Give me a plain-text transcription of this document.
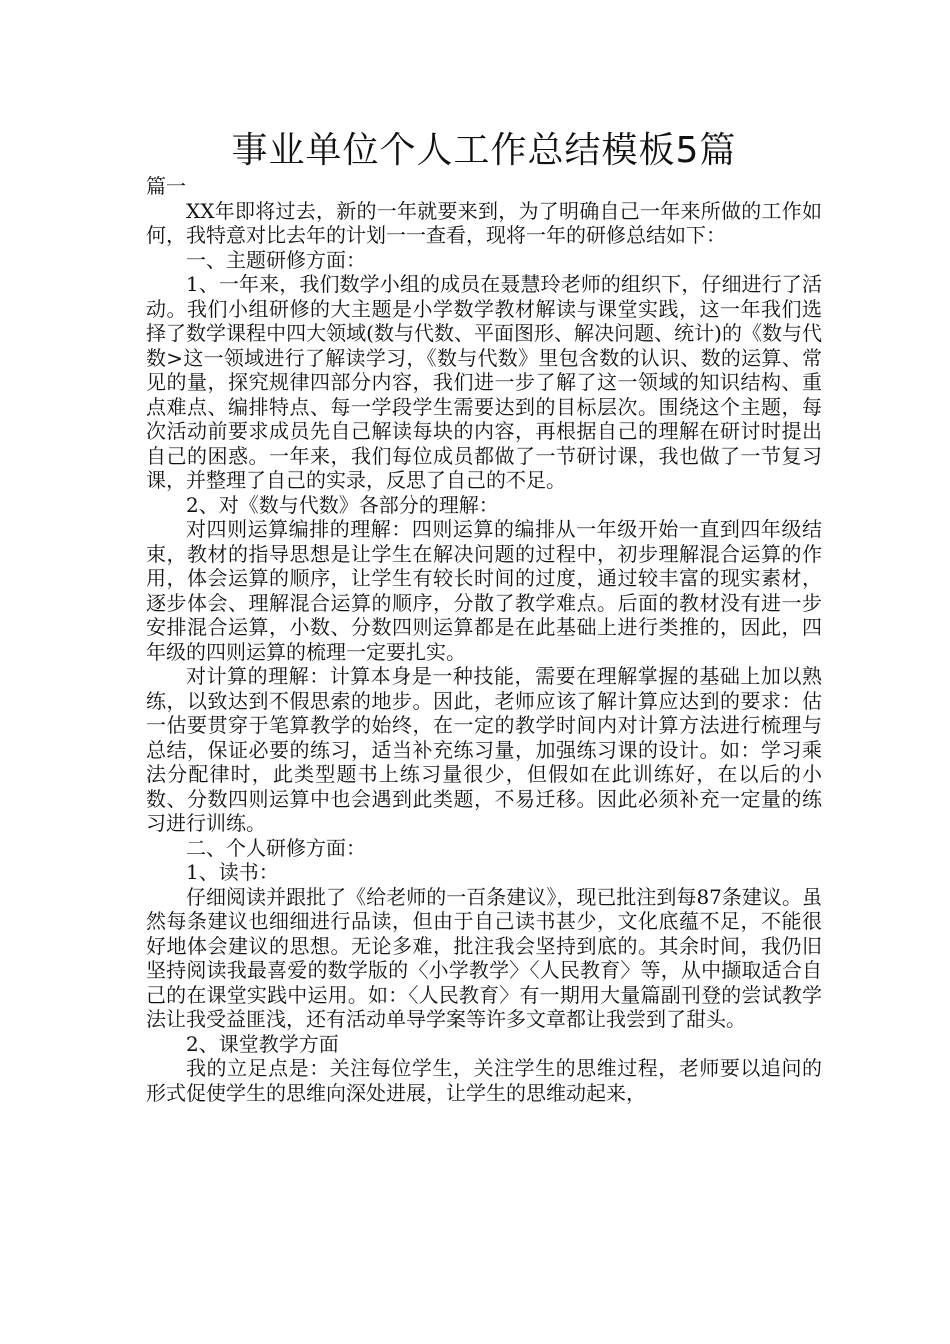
事业单位个人工作总结模板5篇

篇一

XX年即将过去，新的一年就要来到，为了明确自己一年来所做的工作如何，我特意对比去年的计划一一查看，现将一年的研修总结如下：

一、主题研修方面：

1、一年来，我们数学小组的成员在聂慧玲老师的组织下，仔细进行了活动。我们小组研修的大主题是小学数学教材解读与课堂实践，这一年我们选择了数学课程中四大领域(数与代数、平面图形、解决问题、统计)的《数与代数>这一领域进行了解读学习，《数与代数》里包含数的认识、数的运算、常见的量，探究规律四部分内容，我们进一步了解了这一领域的知识结构、重点难点、编排特点、每一学段学生需要达到的目标层次。围绕这个主题，每次活动前要求成员先自己解读每块的内容，再根据自己的理解在研讨时提出自己的困惑。一年来，我们每位成员都做了一节研讨课，我也做了一节复习课，并整理了自己的实录，反思了自己的不足。

2、对《数与代数》各部分的理解：

对四则运算编排的理解：四则运算的编排从一年级开始一直到四年级结束，教材的指导思想是让学生在解决问题的过程中，初步理解混合运算的作用，体会运算的顺序，让学生有较长时间的过度，通过较丰富的现实素材，逐步体会、理解混合运算的顺序，分散了教学难点。后面的教材没有进一步安排混合运算，小数、分数四则运算都是在此基础上进行类推的，因此，四年级的四则运算的梳理一定要扎实。

对计算的理解：计算本身是一种技能，需要在理解掌握的基础上加以熟练，以致达到不假思索的地步。因此，老师应该了解计算应达到的要求：估一估要贯穿于笔算教学的始终，在一定的教学时间内对计算方法进行梳理与总结，保证必要的练习，适当补充练习量，加强练习课的设计。如：学习乘法分配律时，此类型题书上练习量很少，但假如在此训练好，在以后的小数、分数四则运算中也会遇到此类题，不易迁移。因此必须补充一定量的练习进行训练。

二、个人研修方面：

1、读书：

仔细阅读并跟批了《给老师的一百条建议》，现已批注到每87条建议。虽然每条建议也细细进行品读，但由于自己读书甚少，文化底蕴不足，不能很好地体会建议的思想。无论多难，批注我会坚持到底的。其余时间，我仍旧坚持阅读我最喜爱的数学版的〈小学教学〉〈人民教育〉等，从中撷取适合自己的在课堂实践中运用。如：〈人民教育〉有一期用大量篇副刊登的尝试教学法让我受益匪浅，还有活动单导学案等许多文章都让我尝到了甜头。

2、课堂教学方面

我的立足点是：关注每位学生，关注学生的思维过程，老师要以追问的形式促使学生的思维向深处进展，让学生的思维动起来，
